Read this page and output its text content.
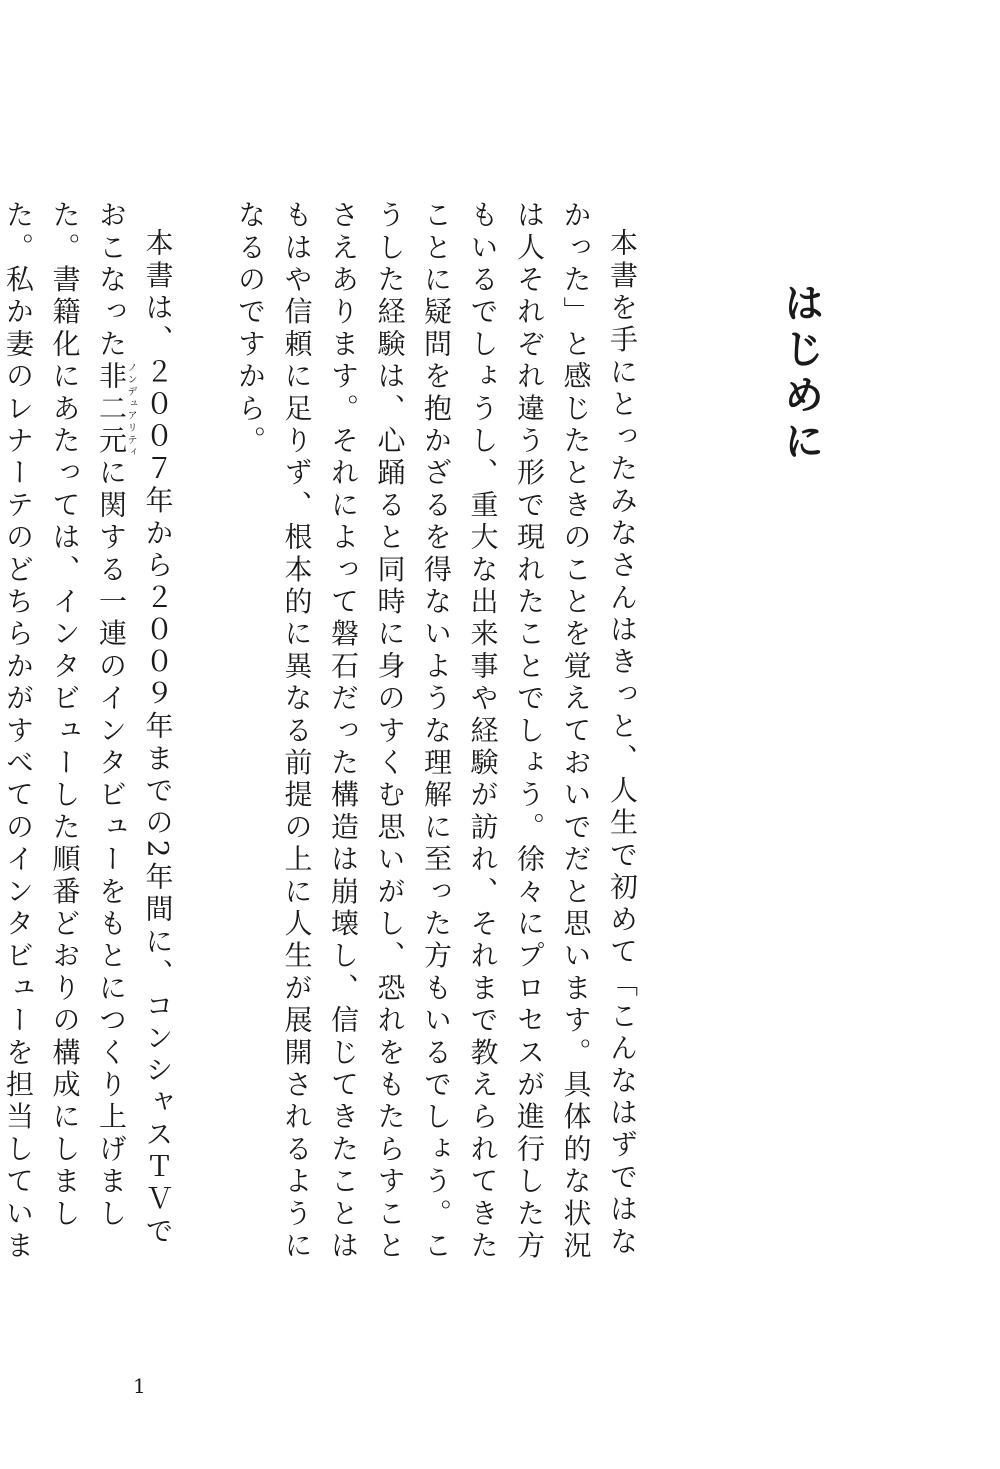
はじめに

本書を手にとったみなさんはきっと、人生で初めて「こんなはずではなかった」と感じたときのことを覚えておいでだと思います。具体的な状況は人それぞれ違う形で現れたことでしょう。徐々にプロセスが進行した方もいるでしょうし、重大な出来事や経験が訪れ、それまで教えられてきたことに疑問を抱かざるを得ないような理解に至った方もいるでしょう。こうした経験は、心踊ると同時に身のすくむ思いがし、恐れをもたらすことさえあります。それによって磐石だった構造は崩壊し、信じてきたことはもはや信頼に足りず、根本的に異なる前提の上に人生が展開されるようになるのですから。

本書は、２００７年から２００９年までの2年間に、コンシャスＴＶでおこなった非二元ノンデュアリティに関する一連のインタビューをもとにつくり上げました。書籍化にあたっては、インタビューした順番どおりの構成にしました。私か妻のレナーテのどちらかがすべてのインタビューを担当していま

1
